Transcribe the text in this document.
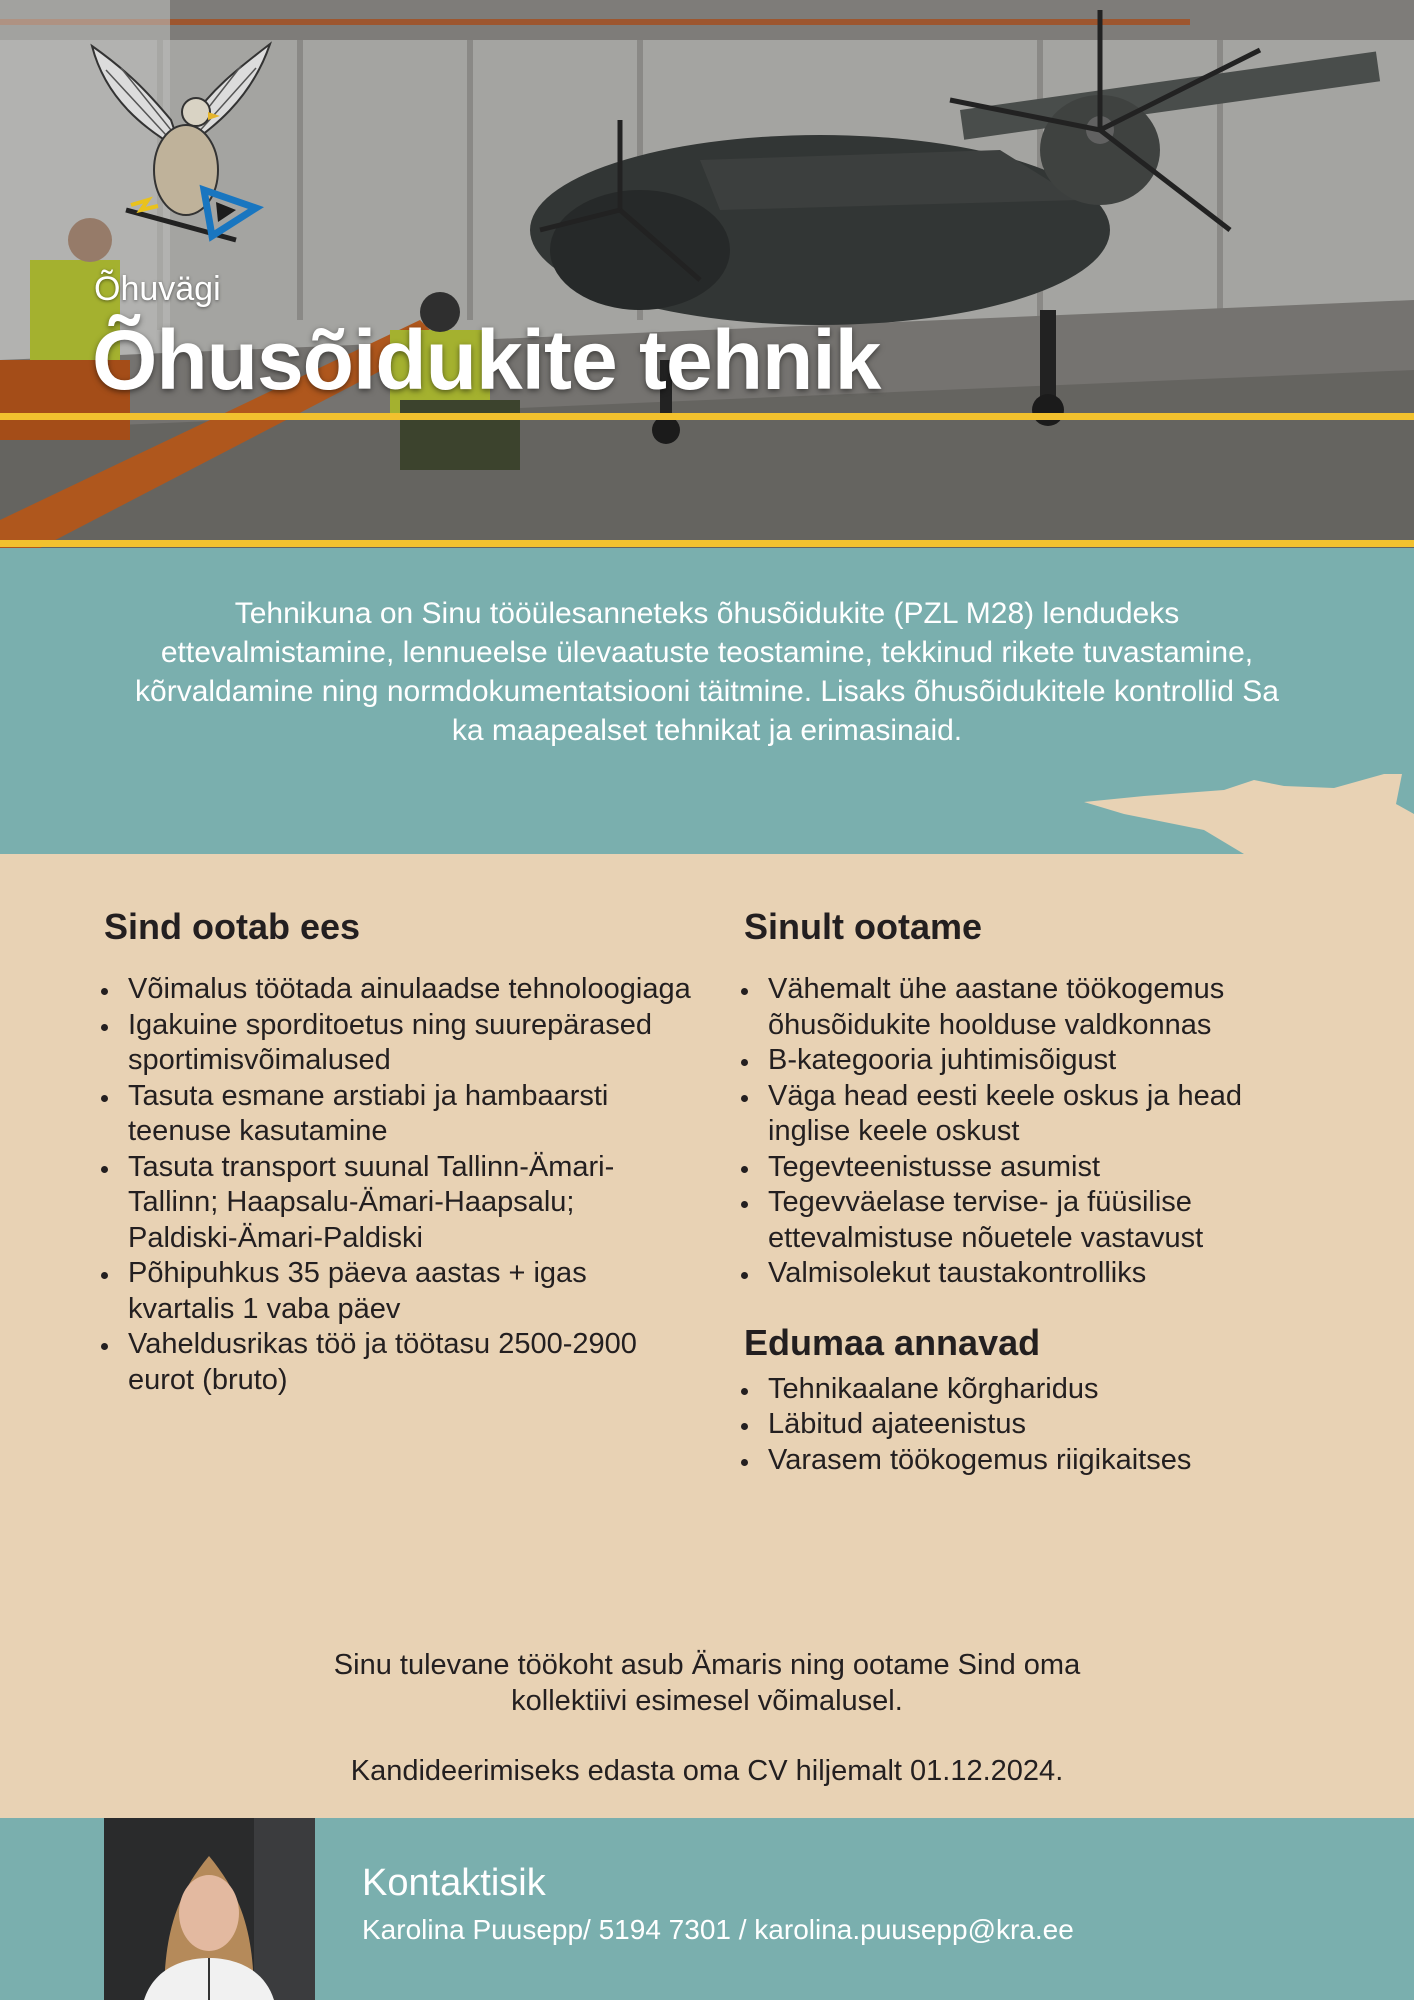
Õhuvägi
Õhusõidukite tehnik

Tehnikuna on Sinu tööülesanneteks õhusõidukite (PZL M28) lendudeks ettevalmistamine, lennueelse ülevaatuste teostamine, tekkinud rikete tuvastamine, kõrvaldamine ning normdokumentatsiooni täitmine. Lisaks õhusõidukitele kontrollid Sa ka maapealset tehnikat ja erimasinaid.

Sind ootab ees
Võimalus töötada ainulaadse tehnoloogiaga
Igakuine sporditoetus ning suurepärased sportimisvõimalused
Tasuta esmane arstiabi ja hambaarsti teenuse kasutamine
Tasuta transport suunal Tallinn-Ämari-Tallinn; Haapsalu-Ämari-Haapsalu; Paldiski-Ämari-Paldiski
Põhipuhkus 35 päeva aastas + igas kvartalis 1 vaba päev
Vaheldusrikas töö ja töötasu 2500-2900 eurot (bruto)
Sinult ootame
Vähemalt ühe aastane töökogemus õhusõidukite hoolduse valdkonnas
B-kategooria juhtimisõigust
Väga head eesti keele oskus ja head inglise keele oskust
Tegevteenistusse asumist
Tegevväelase tervise- ja füüsilise ettevalmistuse nõuetele vastavust
Valmisolekut taustakontrolliks
Edumaa annavad
Tehnikaalane kõrgharidus
Läbitud ajateenistus
Varasem töökogemus riigikaitses

Sinu tulevane töökoht asub Ämaris ning ootame Sind oma
kollektiivi esimesel võimalusel.

Kandideerimiseks edasta oma CV hiljemalt 01.12.2024.

Kontaktisik
Karolina Puusepp/ 5194 7301 / karolina.puusepp@kra.ee
